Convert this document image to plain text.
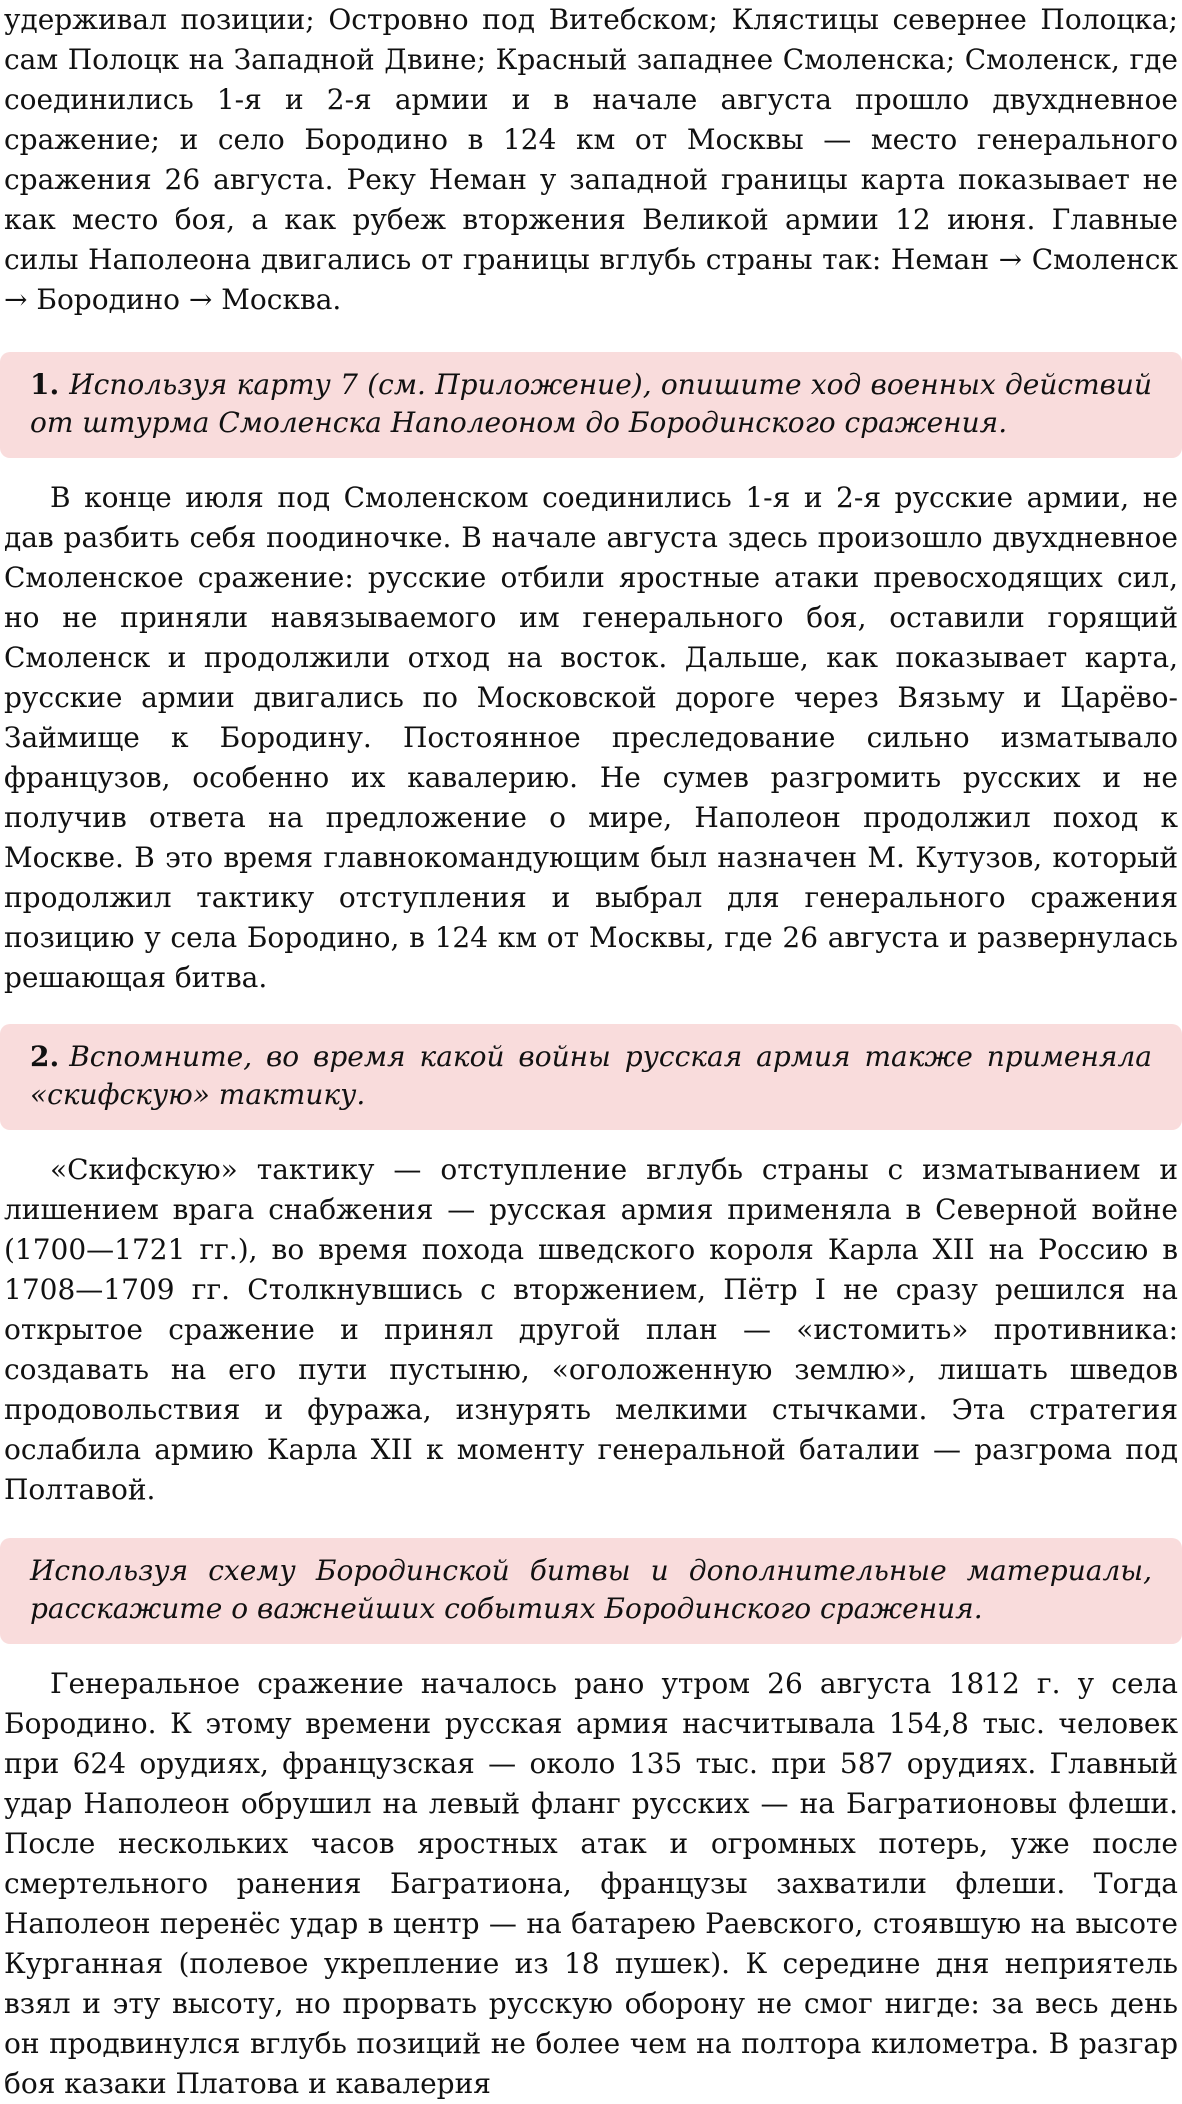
удерживал позиции; Островно под Витебском; Клястицы севернее Полоцка; сам Полоцк на Западной Двине; Красный западнее Смоленска; Смоленск, где соединились 1-я и 2-я армии и в начале августа прошло двухдневное сражение; и село Бородино в 124 км от Москвы — место генерального сражения 26 августа. Реку Неман у западной границы карта показывает не как место боя, а как рубеж вторжения Великой армии 12 июня. Главные силы Наполеона двигались от границы вглубь страны так: Неман → Смоленск → Бородино → Москва.

1. Используя карту 7 (см. Приложение), опишите ход военных действий от штурма Смоленска Наполеоном до Бородинского сражения.

В конце июля под Смоленском соединились 1-я и 2-я русские армии, не дав разбить себя поодиночке. В начале августа здесь произошло двухдневное Смоленское сражение: русские отбили яростные атаки превосходящих сил, но не приняли навязываемого им генерального боя, оставили горящий Смоленск и продолжили отход на восток. Дальше, как показывает карта, русские армии двигались по Московской дороге через Вязьму и Царёво-Займище к Бородину. Постоянное преследование сильно изматывало французов, особенно их кавалерию. Не сумев разгромить русских и не получив ответа на предложение о мире, Наполеон продолжил поход к Москве. В это время главнокомандующим был назначен М. Кутузов, который продолжил тактику отступления и выбрал для генерального сражения позицию у села Бородино, в 124 км от Москвы, где 26 августа и развернулась решающая битва.

2. Вспомните, во время какой войны русская армия также применяла «скифскую» тактику.

«Скифскую» тактику — отступление вглубь страны с изматыванием и лишением врага снабжения — русская армия применяла в Северной войне (1700—1721 гг.), во время похода шведского короля Карла XII на Россию в 1708—1709 гг. Столкнувшись с вторжением, Пётр I не сразу решился на открытое сражение и принял другой план — «истомить» противника: создавать на его пути пустыню, «оголоженную землю», лишать шведов продовольствия и фуража, изнурять мелкими стычками. Эта стратегия ослабила армию Карла XII к моменту генеральной баталии — разгрома под Полтавой.

Используя схему Бородинской битвы и дополнительные материалы, расскажите о важнейших событиях Бородинского сражения.

Генеральное сражение началось рано утром 26 августа 1812 г. у села Бородино. К этому времени русская армия насчитывала 154,8 тыс. человек при 624 орудиях, французская — около 135 тыс. при 587 орудиях. Главный удар Наполеон обрушил на левый фланг русских — на Багратионовы флеши. После нескольких часов яростных атак и огромных потерь, уже после смертельного ранения Багратиона, французы захватили флеши. Тогда Наполеон перенёс удар в центр — на батарею Раевского, стоявшую на высоте Курганная (полевое укрепление из 18 пушек). К середине дня неприятель взял и эту высоту, но прорвать русскую оборону не смог нигде: за весь день он продвинулся вглубь позиций не более чем на полтора километра. В разгар боя казаки Платова и кавалерия
